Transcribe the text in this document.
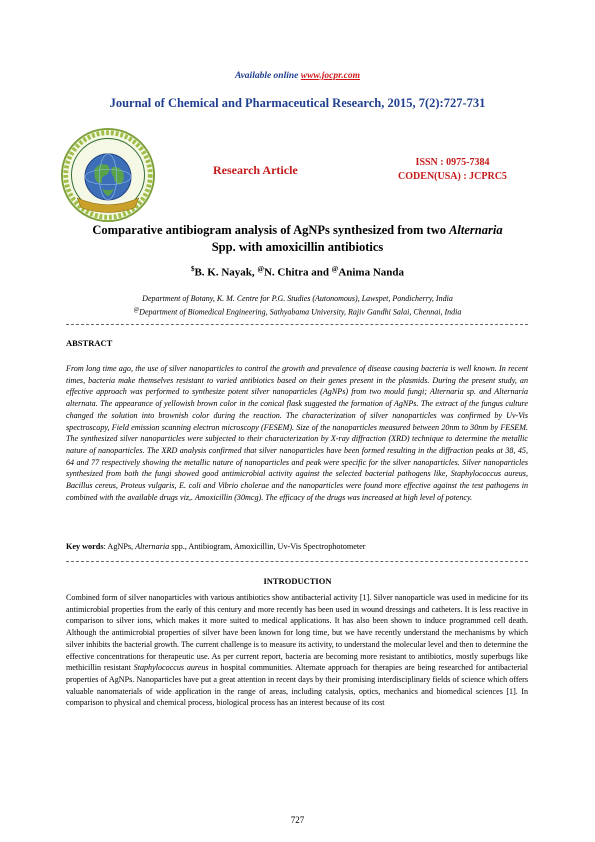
Available online www.jocpr.com
Journal of Chemical and Pharmaceutical Research, 2015, 7(2):727-731
Research Article
ISSN : 0975-7384
CODEN(USA) : JCPRC5
Comparative antibiogram analysis of AgNPs synthesized from two Alternaria
Spp. with amoxicillin antibiotics
$B. K. Nayak, @N. Chitra and @Anima Nanda
Department of Botany, K. M. Centre for P.G. Studies (Autonomous), Lawspet, Pondicherry, India
@Department of Biomedical Engineering, Sathyabama University, Rajiv Gandhi Salai, Chennai, India
ABSTRACT
From long time ago, the use of silver nanoparticles to control the growth and prevalence of disease causing bacteria is well known. In recent times, bacteria make themselves resistant to varied antibiotics based on their genes present in the plasmids. During the present study, an effective approach was performed to synthesize potent silver nanoparticles (AgNPs) from two mould fungi; Alternaria sp. and Alternaria alternata. The appearance of yellowish brown color in the conical flask suggested the formation of AgNPs. The extract of the fungus culture changed the solution into brownish color during the reaction. The characterization of silver nanoparticles was confirmed by Uv-Vis spectroscopy, Field emission scanning electron microscopy (FESEM). Size of the nanoparticles measured between 20nm to 30nm by FESEM. The synthesized silver nanoparticles were subjected to their characterization by X-ray diffraction (XRD) technique to determine the metallic nature of nanoparticles. The XRD analysis confirmed that silver nanoparticles have been formed resulting in the diffraction peaks at 38, 45, 64 and 77 respectively showing the metallic nature of nanoparticles and peak were specific for the silver nanoparticles. Silver nanoparticles synthesized from both the fungi showed good antimicrobial activity against the selected bacterial pathogens like, Staphylococcus aureus, Bacillus cereus, Proteus vulgaris, E. coli and Vibrio cholerae and the nanoparticles were found more effective against the test pathogens in combined with the available drugs viz,. Amoxicillin (30mcg). The efficacy of the drugs was increased at high level of potency.
Key words: AgNPs, Alternaria spp., Antibiogram, Amoxicillin, Uv-Vis Spectrophotometer
INTRODUCTION
Combined form of silver nanoparticles with various antibiotics show antibacterial activity [1]. Silver nanoparticle was used in medicine for its antimicrobial properties from the early of this century and more recently has been used in wound dressings and catheters. It is less reactive in comparison to silver ions, which makes it more suited to medical applications. It has also been shown to induce programmed cell death. Although the antimicrobial properties of silver have been known for long time, but we have recently understand the mechanisms by which silver inhibits the bacterial growth. The current challenge is to measure its activity, to understand the molecular level and then to determine the effective concentrations for therapeutic use. As per current report, bacteria are becoming more resistant to antibiotics, mostly superbugs like methicillin resistant Staphylococcus aureus in hospital communities. Alternate approach for therapies are being researched for antibacterial properties of AgNPs. Nanoparticles have put a great attention in recent days by their promising interdisciplinary fields of science which offers valuable nanomaterials of wide application in the range of areas, including catalysis, optics, mechanics and biomedical sciences [1]. In comparison to physical and chemical process, biological process has an interest because of its cost
727
